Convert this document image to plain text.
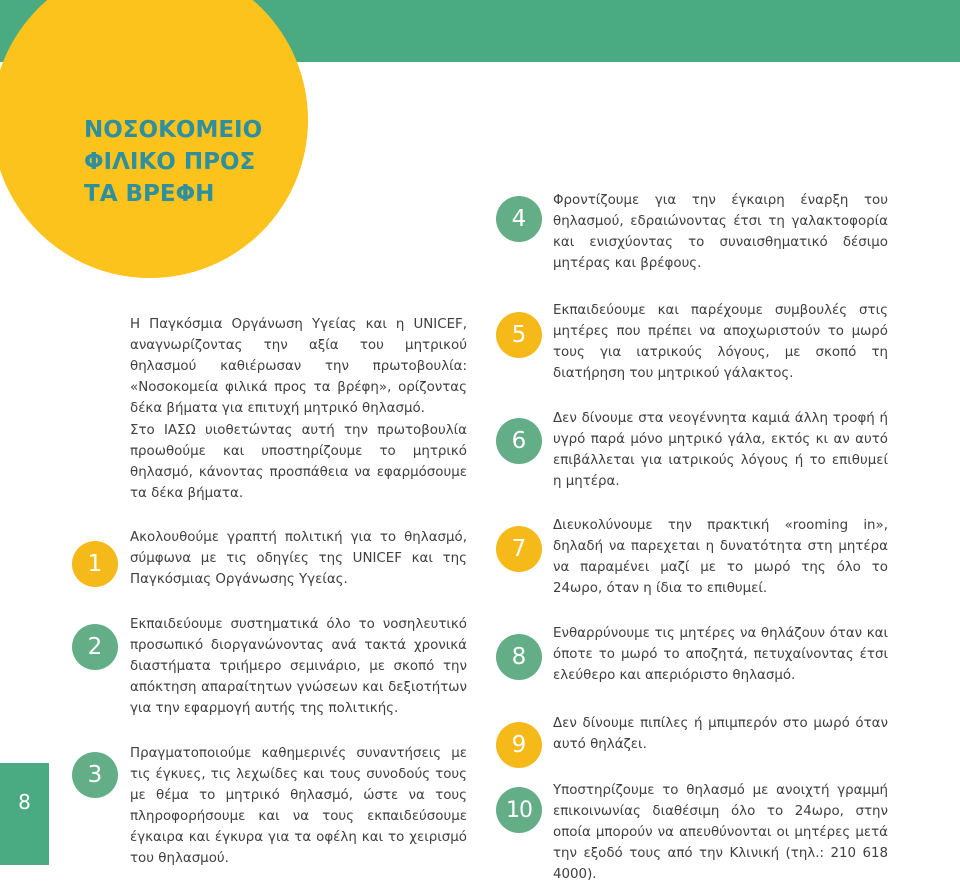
ΝΟΣΟΚΟΜΕΙΟ
ΦΙΛΙΚΟ ΠΡΟΣ
ΤΑ ΒΡΕΦΗ

Η Παγκόσμια Οργάνωση Υγείας και η UNICEF, αναγνωρίζοντας την αξία του μητρικού θηλασμού καθιέρωσαν την πρωτοβουλία: «Νοσοκομεία φιλικά προς τα βρέφη», ορίζοντας δέκα βήματα για επιτυχή μητρικό θηλασμό.

Στο ΙΑΣΩ υιοθετώντας αυτή την πρωτοβουλία προωθούμε και υποστηρίζουμε το μητρικό θηλασμό, κάνοντας προσπάθεια να εφαρμόσουμε τα δέκα βήματα.

1

Ακολουθούμε γραπτή πολιτική για το θηλασμό, σύμφωνα με τις οδηγίες της UNICEF και της Παγκόσμιας Οργάνωσης Υγείας.

2

Εκπαιδεύουμε συστηματικά όλο το νοσηλευτικό προσωπικό διοργανώνοντας ανά τακτά χρονικά διαστήματα τριήμερο σεμινάριο, με σκοπό την απόκτηση απαραίτητων γνώσεων και δεξιοτήτων για την εφαρμογή αυτής της πολιτικής.

3

Πραγματοποιούμε καθημερινές συναντήσεις με τις έγκυες, τις λεχωίδες και τους συνοδούς τους με θέμα το μητρικό θηλασμό, ώστε να τους πληροφορήσουμε και να τους εκπαιδεύσουμε έγκαιρα και έγκυρα για τα οφέλη και το χειρισμό του θηλασμού.

4

Φροντίζουμε για την έγκαιρη έναρξη του θηλασμού, εδραιώνοντας έτσι τη γαλακτοφορία και ενισχύοντας το συναισθηματικό δέσιμο μητέρας και βρέφους.

5

Εκπαιδεύουμε και παρέχουμε συμβουλές στις μητέρες που πρέπει να αποχωριστούν το μωρό τους για ιατρικούς λόγους, με σκοπό τη διατήρηση του μητρικού γάλακτος.

6

Δεν δίνουμε στα νεογέννητα καμιά άλλη τροφή ή υγρό παρά μόνο μητρικό γάλα, εκτός κι αν αυτό επιβάλλεται για ιατρικούς λόγους ή το επιθυμεί η μητέρα.

7

Διευκολύνουμε την πρακτική «rooming in», δηλαδή να παρεχεται η δυνατότητα στη μητέρα να παραμένει μαζί με το μωρό της όλο το 24ωρο, όταν η ίδια το επιθυμεί.

8

Ενθαρρύνουμε τις μητέρες να θηλάζουν όταν και όποτε το μωρό το αποζητά, πετυχαίνοντας έτσι ελεύθερο και απεριόριστο θηλασμό.

9

Δεν δίνουμε πιπίλες ή μπιμπερόν στο μωρό όταν αυτό θηλάζει.

10

Υποστηρίζουμε το θηλασμό με ανοιχτή γραμμή επικοινωνίας διαθέσιμη όλο το 24ωρο, στην οποία μπορούν να απευθύνονται οι μητέρες μετά την εξοδό τους από την Κλινική (τηλ.: 210 618 4000).

8
